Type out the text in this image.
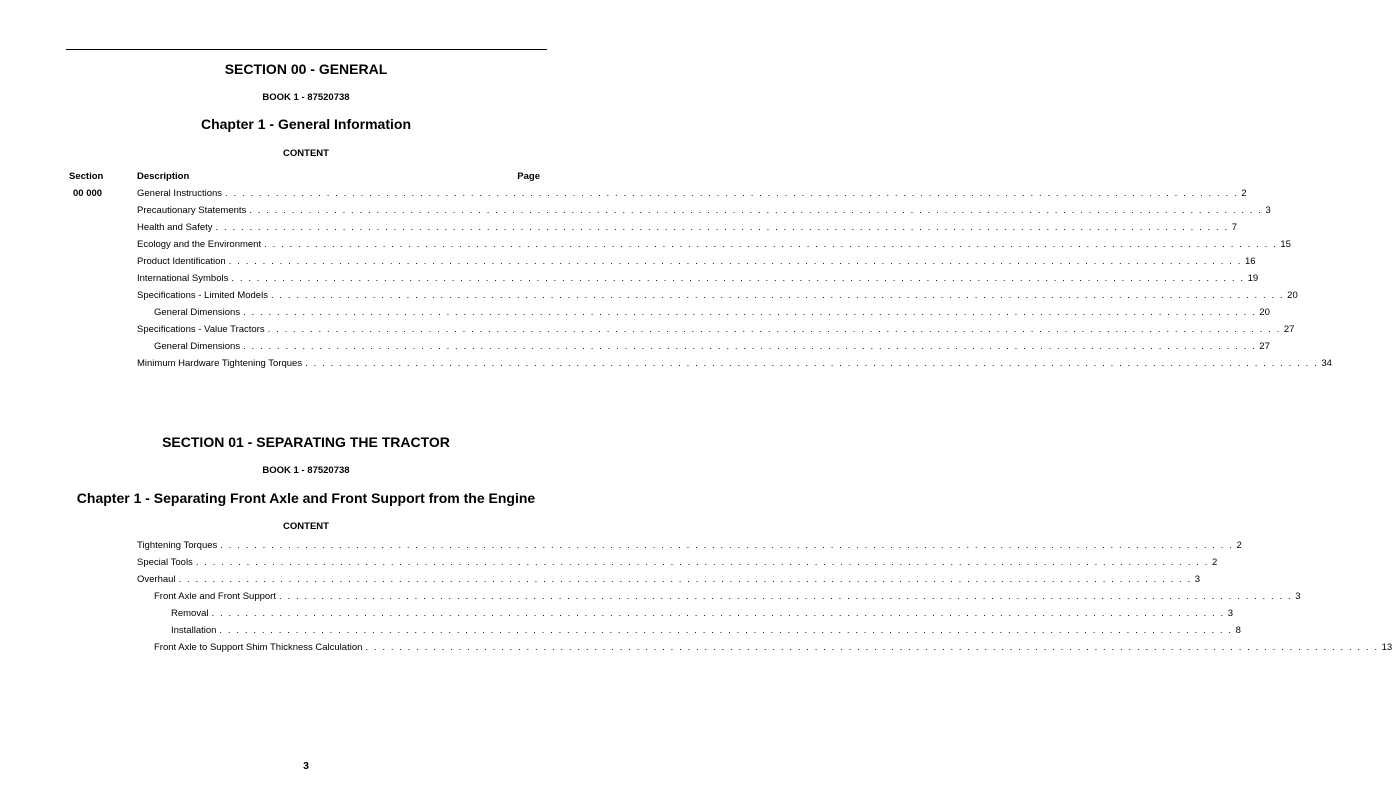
SECTION 00 - GENERAL
BOOK 1 - 87520738
Chapter 1 - General Information
CONTENT
Section	Description	Page
00 000	General Instructions . . . . . . . . . . . . . . . . . . . . . . . . . . . . . . . . . . . . . . . . . . . . . . . . . . . . . . . . . . . . . . . . . . . . . . . . . . . . . . . . . . . . . . . . . . . . . . . . . . . . . . . . . . . . . . . . . . . . . . . . 2
Precautionary Statements . . . . . . . . . . . . . . . . . . . . . . . . . . . . . . . . . . . . . . . . . . . . . . . . . . . . . . . . . . . . . . . . . . . . . . . . . . . . . . . . . . . . . . . . . . . . . . . . . . . . . . . . . . . . . . . . . . . . . . . . 3
Health and Safety . . . . . . . . . . . . . . . . . . . . . . . . . . . . . . . . . . . . . . . . . . . . . . . . . . . . . . . . . . . . . . . . . . . . . . . . . . . . . . . . . . . . . . . . . . . . . . . . . . . . . . . . . . . . . . . . . . . . . . . . 7
Ecology and the Environment . . . . . . . . . . . . . . . . . . . . . . . . . . . . . . . . . . . . . . . . . . . . . . . . . . . . . . . . . . . . . . . . . . . . . . . . . . . . . . . . . . . . . . . . . . . . . . . . . . . . . . . . . . . . . . . . . . . . . . . . 15
Product Identification . . . . . . . . . . . . . . . . . . . . . . . . . . . . . . . . . . . . . . . . . . . . . . . . . . . . . . . . . . . . . . . . . . . . . . . . . . . . . . . . . . . . . . . . . . . . . . . . . . . . . . . . . . . . . . . . . . . . . . . . 16
International Symbols . . . . . . . . . . . . . . . . . . . . . . . . . . . . . . . . . . . . . . . . . . . . . . . . . . . . . . . . . . . . . . . . . . . . . . . . . . . . . . . . . . . . . . . . . . . . . . . . . . . . . . . . . . . . . . . . . . . . . . . . 19
Specifications - Limited Models . . . . . . . . . . . . . . . . . . . . . . . . . . . . . . . . . . . . . . . . . . . . . . . . . . . . . . . . . . . . . . . . . . . . . . . . . . . . . . . . . . . . . . . . . . . . . . . . . . . . . . . . . . . . . . . . . . . . . . . . 20
General Dimensions . . . . . . . . . . . . . . . . . . . . . . . . . . . . . . . . . . . . . . . . . . . . . . . . . . . . . . . . . . . . . . . . . . . . . . . . . . . . . . . . . . . . . . . . . . . . . . . . . . . . . . . . . . . . . . . . . . . . . . . . 20
Specifications - Value Tractors . . . . . . . . . . . . . . . . . . . . . . . . . . . . . . . . . . . . . . . . . . . . . . . . . . . . . . . . . . . . . . . . . . . . . . . . . . . . . . . . . . . . . . . . . . . . . . . . . . . . . . . . . . . . . . . . . . . . . . . . 27
General Dimensions . . . . . . . . . . . . . . . . . . . . . . . . . . . . . . . . . . . . . . . . . . . . . . . . . . . . . . . . . . . . . . . . . . . . . . . . . . . . . . . . . . . . . . . . . . . . . . . . . . . . . . . . . . . . . . . . . . . . . . . . 27
Minimum Hardware Tightening Torques . . . . . . . . . . . . . . . . . . . . . . . . . . . . . . . . . . . . . . . . . . . . . . . . . . . . . . . . . . . . . . . . . . . . . . . . . . . . . . . . . . . . . . . . . . . . . . . . . . . . . . . . . . . . . . . . . . . . . . . . 34
SECTION 01 - SEPARATING THE TRACTOR
BOOK 1 - 87520738
Chapter 1 - Separating Front Axle and Front Support from the Engine
CONTENT
Tightening Torques . . . . . . . . . . . . . . . . . . . . . . . . . . . . . . . . . . . . . . . . . . . . . . . . . . . . . . . . . . . . . . . . . . . . . . . . . . . . . . . . . . . . . . . . . . . . . . . . . . . . . . . . . . . . . . . . . . . . . . . . 2
Special Tools . . . . . . . . . . . . . . . . . . . . . . . . . . . . . . . . . . . . . . . . . . . . . . . . . . . . . . . . . . . . . . . . . . . . . . . . . . . . . . . . . . . . . . . . . . . . . . . . . . . . . . . . . . . . . . . . . . . . . . . . 2
Overhaul . . . . . . . . . . . . . . . . . . . . . . . . . . . . . . . . . . . . . . . . . . . . . . . . . . . . . . . . . . . . . . . . . . . . . . . . . . . . . . . . . . . . . . . . . . . . . . . . . . . . . . . . . . . . . . . . . . . . . . . . 3
Front Axle and Front Support . . . . . . . . . . . . . . . . . . . . . . . . . . . . . . . . . . . . . . . . . . . . . . . . . . . . . . . . . . . . . . . . . . . . . . . . . . . . . . . . . . . . . . . . . . . . . . . . . . . . . . . . . . . . . . . . . . . . . . . . 3
Removal . . . . . . . . . . . . . . . . . . . . . . . . . . . . . . . . . . . . . . . . . . . . . . . . . . . . . . . . . . . . . . . . . . . . . . . . . . . . . . . . . . . . . . . . . . . . . . . . . . . . . . . . . . . . . . . . . . . . . . . . 3
Installation . . . . . . . . . . . . . . . . . . . . . . . . . . . . . . . . . . . . . . . . . . . . . . . . . . . . . . . . . . . . . . . . . . . . . . . . . . . . . . . . . . . . . . . . . . . . . . . . . . . . . . . . . . . . . . . . . . . . . . . . 8
Front Axle to Support Shim Thickness Calculation . . . . . . . . . . . . . . . . . . . . . . . . . . . . . . . . . . . . . . . . . . . . . . . . . . . . . . . . . . . . . . . . . . . . . . . . . . . . . . . . . . . . . . . . . . . . . . . . . . . . . . . . . . . . . . . . . . . . . . . . 13
3
